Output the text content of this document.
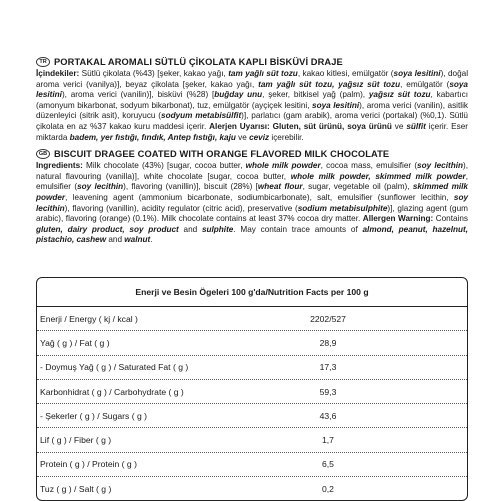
TR PORTAKAL AROMALI SÜTLÜ ÇİKOLATA KAPLI BİSKÜVİ DRAJE

İçindekiler: Sütlü çikolata (%43) [şeker, kakao yağı, tam yağlı süt tozu, kakao kitlesi, emülgatör (soya lesitini), doğal aroma verici (vanilya)], beyaz çikolata [şeker, kakao yağı, tam yağlı süt tozu, yağsız süt tozu, emülgatör (soya lesitini), aroma verici (vanilin)], bisküvi (%28) [buğday unu, şeker, bitkisel yağ (palm), yağsız süt tozu, kabartıcı (amonyum bikarbonat, sodyum bikarbonat), tuz, emülgatör (ayçiçek lesitini, soya lesitini), aroma verici (vanilin), asitlik düzenleyici (sitrik asit), koruyucu (sodyum metabisülfit)], parlatıcı (gam arabik), aroma verici (portakal) (%0,1). Sütlü çikolata en az %37 kakao kuru maddesi içerir. Alerjen Uyarısı: Gluten, süt ürünü, soya ürünü ve sülfit içerir. Eser miktarda badem, yer fıstığı, fındık, Antep fıstığı, kaju ve ceviz içerebilir.

GB BISCUIT DRAGEE COATED WITH ORANGE FLAVORED MILK CHOCOLATE

Ingredients: Milk chocolate (43%) [sugar, cocoa butter, whole milk powder, cocoa mass, emulsifier (soy lecithin), natural flavouring (vanilla)], white chocolate [sugar, cocoa butter, whole milk powder, skimmed milk powder, emulsifier (soy lecithin), flavoring (vanillin)], biscuit (28%) [wheat flour, sugar, vegetable oil (palm), skimmed milk powder, leavening agent (ammonium bicarbonate, sodiumbicarbonate), salt, emulsifier (sunflower lecithin, soy lecithin), flavoring (vanillin), acidity regulator (citric acid), preservative (sodium metabisulphite)], glazing agent (gum arabic), flavoring (orange) (0.1%). Milk chocolate contains at least 37% cocoa dry matter. Allergen Warning: Contains gluten, dairy product, soy product and sulphite. May contain trace amounts of almond, peanut, hazelnut, pistachio, cashew and walnut.

Enerji ve Besin Ögeleri 100 g'da/Nutrition Facts per 100 g
Enerji / Energy ( kj / kcal )	2202/527
Yağ ( g ) / Fat ( g )	28,9
- Doymuş Yağ ( g ) / Saturated Fat ( g )	17,3
Karbonhidrat ( g ) / Carbohydrate ( g )	59,3
- Şekerler ( g ) / Sugars ( g )	43,6
Lif ( g ) / Fiber ( g )	1,7
Protein ( g ) / Protein ( g )	6,5
Tuz ( g ) / Salt ( g )	0,2
